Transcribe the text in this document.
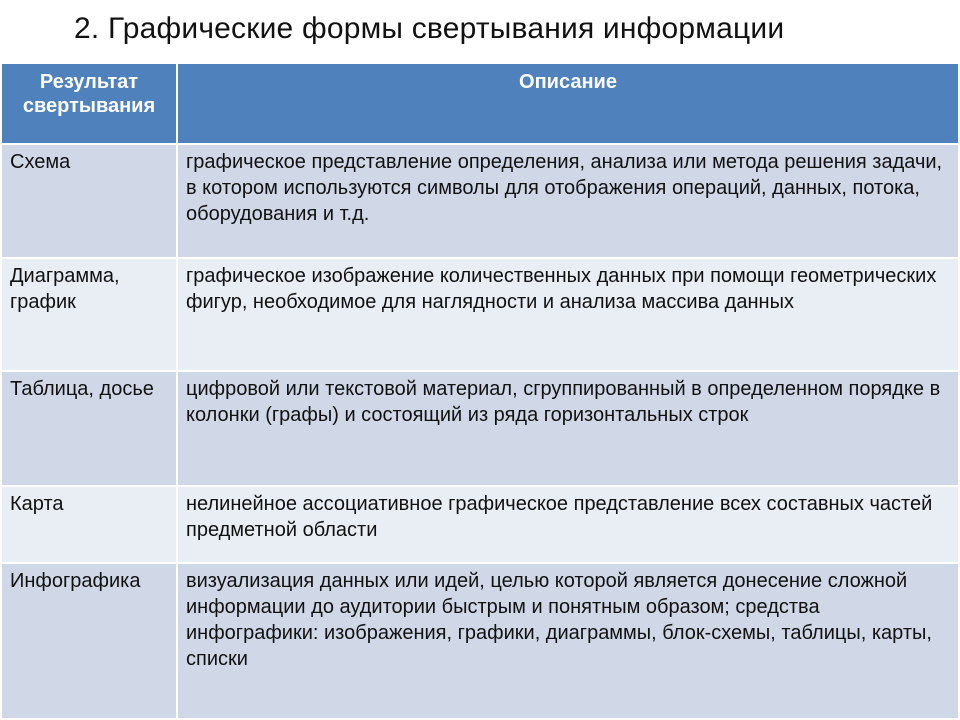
2. Графические формы свертывания информации
Результат свертывания	Описание
Схема	графическое представление определения, анализа или метода решения задачи, в котором используются символы для отображения операций, данных, потока, оборудования и т.д.
Диаграмма, график	графическое изображение количественных данных при помощи геометрических фигур, необходимое для наглядности и анализа массива данных
Таблица, досье	цифровой или текстовой материал, сгруппированный в определенном порядке в колонки (графы) и состоящий из ряда горизонтальных строк
Карта	нелинейное ассоциативное графическое представление всех составных частей предметной области
Инфографика	визуализация данных или идей, целью которой является донесение сложной информации до аудитории быстрым и понятным образом; средства инфографики: изображения, графики, диаграммы, блок-схемы, таблицы, карты, списки
